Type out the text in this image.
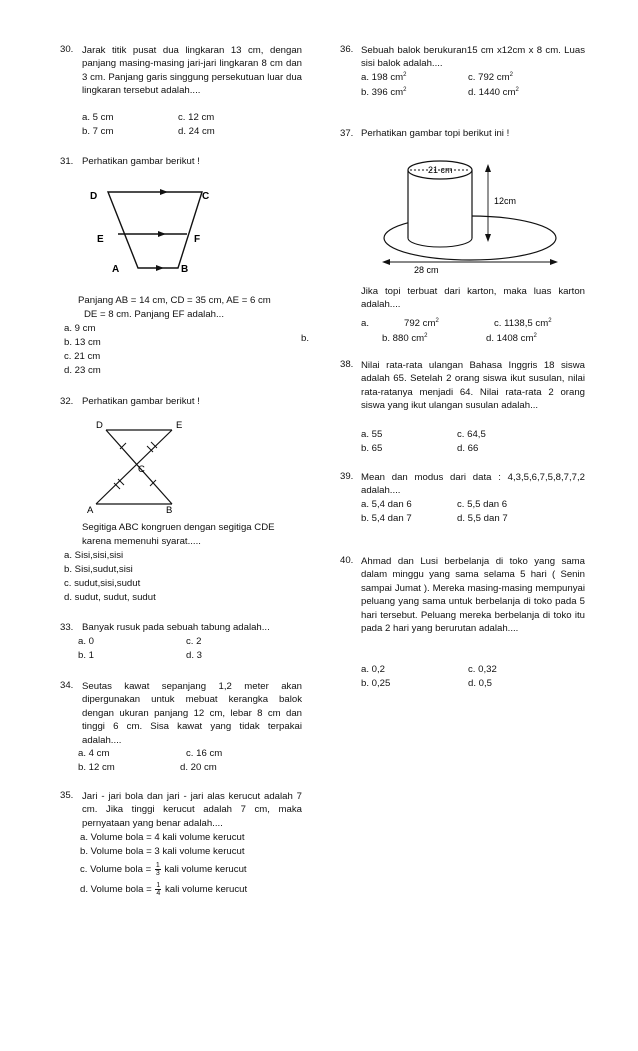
30. Jarak titik pusat dua lingkaran 13 cm, dengan panjang masing-masing jari-jari lingkaran 8 cm dan 3 cm. Panjang garis singgung persekutuan luar dua lingkaran tersebut adalah....
a. 5 cm	c. 12 cm
b. 7 cm	d. 24 cm
31. Perhatikan gambar berikut !
D	C
E	F
A	B
Panjang AB = 14 cm, CD = 35 cm, AE = 6 cm
DE = 8 cm. Panjang EF adalah...
a. 9 cm
b. 13 cm
c. 21 cm
d. 23 cm
b.
32. Perhatikan gambar berikut !
D	E
C
A	B
Segitiga ABC kongruen dengan segitiga CDE
karena memenuhi syarat.....
a. Sisi,sisi,sisi
b. Sisi,sudut,sisi
c. sudut,sisi,sudut
d. sudut, sudut, sudut
33. Banyak rusuk pada sebuah tabung adalah...
a. 0	c. 2
b. 1	d. 3
34. Seutas kawat sepanjang 1,2 meter akan dipergunakan untuk mebuat kerangka balok dengan ukuran panjang 12 cm, lebar 8 cm dan tinggi 6 cm. Sisa kawat yang tidak terpakai adalah....
a. 4 cm	c. 16 cm
b. 12 cm	d. 20 cm
35. Jari - jari bola dan jari - jari alas kerucut adalah 7 cm. Jika tinggi kerucut adalah 7 cm, maka pernyataan yang benar adalah....
a. Volume bola = 4 kali volume kerucut
b. Volume bola = 3 kali volume kerucut
c. Volume bola = $\frac{1}{3}$ kali volume kerucut
d. Volume bola = $\frac{1}{4}$ kali volume kerucut
36. Sebuah balok berukuran15 cm x12cm x 8 cm. Luas sisi balok adalah....
a. 198 $cm^2$	c. 792 $cm^2$
b. 396 $cm^2$	d. 1440 $cm^2$
37. Perhatikan gambar topi berikut ini !
21 cm
12cm
28 cm
Jika topi terbuat dari karton, maka luas karton adalah....
a.	792 $cm^2$	c. 1138,5 $cm^2$
b. 880 $cm^2$	d. 1408 $cm^2$
38. Nilai rata-rata ulangan Bahasa Inggris 18 siswa adalah 65. Setelah 2 orang siswa ikut susulan, nilai rata-ratanya menjadi 64. Nilai rata-rata 2 orang siswa yang ikut ulangan susulan adalah...
a. 55	c. 64,5
b. 65	d. 66
39. Mean dan modus dari data : 4,3,5,6,7,5,8,7,7,2 adalah....
a. 5,4 dan 6	c. 5,5 dan 6
b. 5,4 dan 7	d. 5,5 dan 7
40. Ahmad dan Lusi berbelanja di toko yang sama dalam minggu yang sama selama 5 hari ( Senin sampai Jumat ). Mereka masing-masing mempunyai peluang yang sama untuk berbelanja di toko pada 5 hari tersebut. Peluang mereka berbelanja di toko itu pada 2 hari yang berurutan adalah....
a. 0,2	c. 0,32
b. 0,25	d. 0,5
